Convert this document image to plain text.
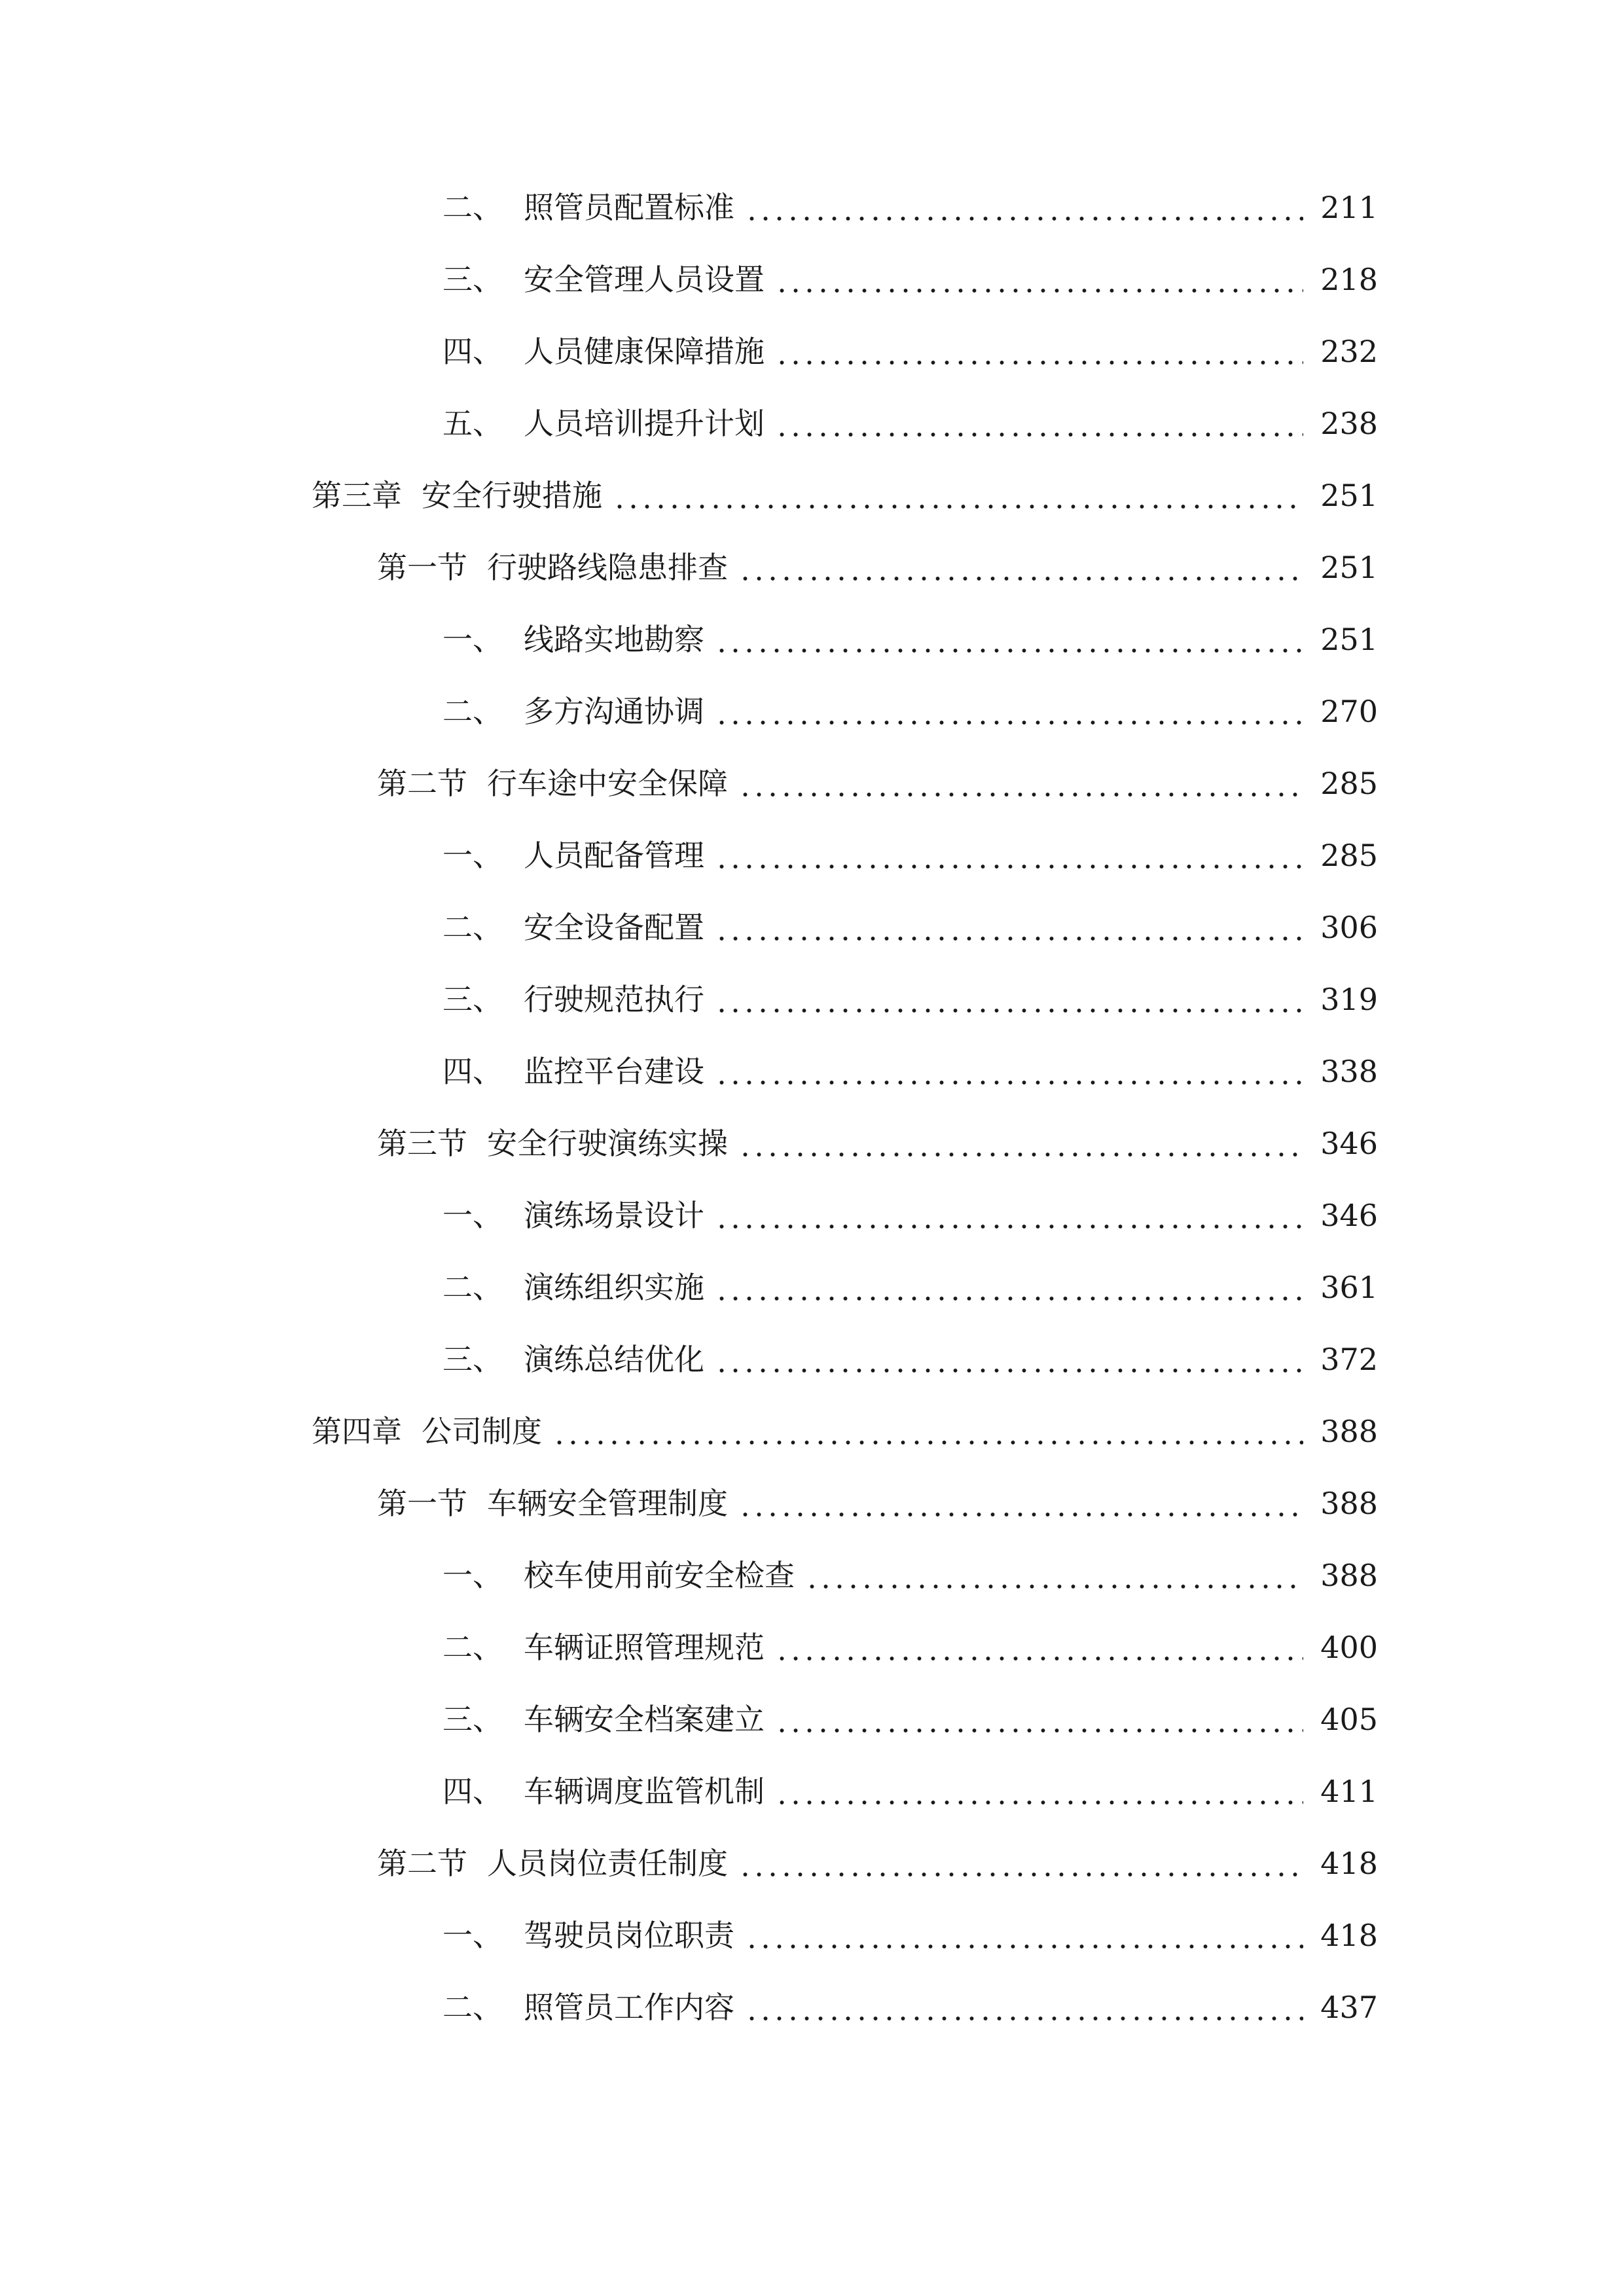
二、 照管员配置标准	211
三、 安全管理人员设置	218
四、 人员健康保障措施	232
五、 人员培训提升计划	238
第三章 安全行驶措施	251
第一节 行驶路线隐患排查	251
一、 线路实地勘察	251
二、 多方沟通协调	270
第二节 行车途中安全保障	285
一、 人员配备管理	285
二、 安全设备配置	306
三、 行驶规范执行	319
四、 监控平台建设	338
第三节 安全行驶演练实操	346
一、 演练场景设计	346
二、 演练组织实施	361
三、 演练总结优化	372
第四章 公司制度	388
第一节 车辆安全管理制度	388
一、 校车使用前安全检查	388
二、 车辆证照管理规范	400
三、 车辆安全档案建立	405
四、 车辆调度监管机制	411
第二节 人员岗位责任制度	418
一、 驾驶员岗位职责	418
二、 照管员工作内容	437
